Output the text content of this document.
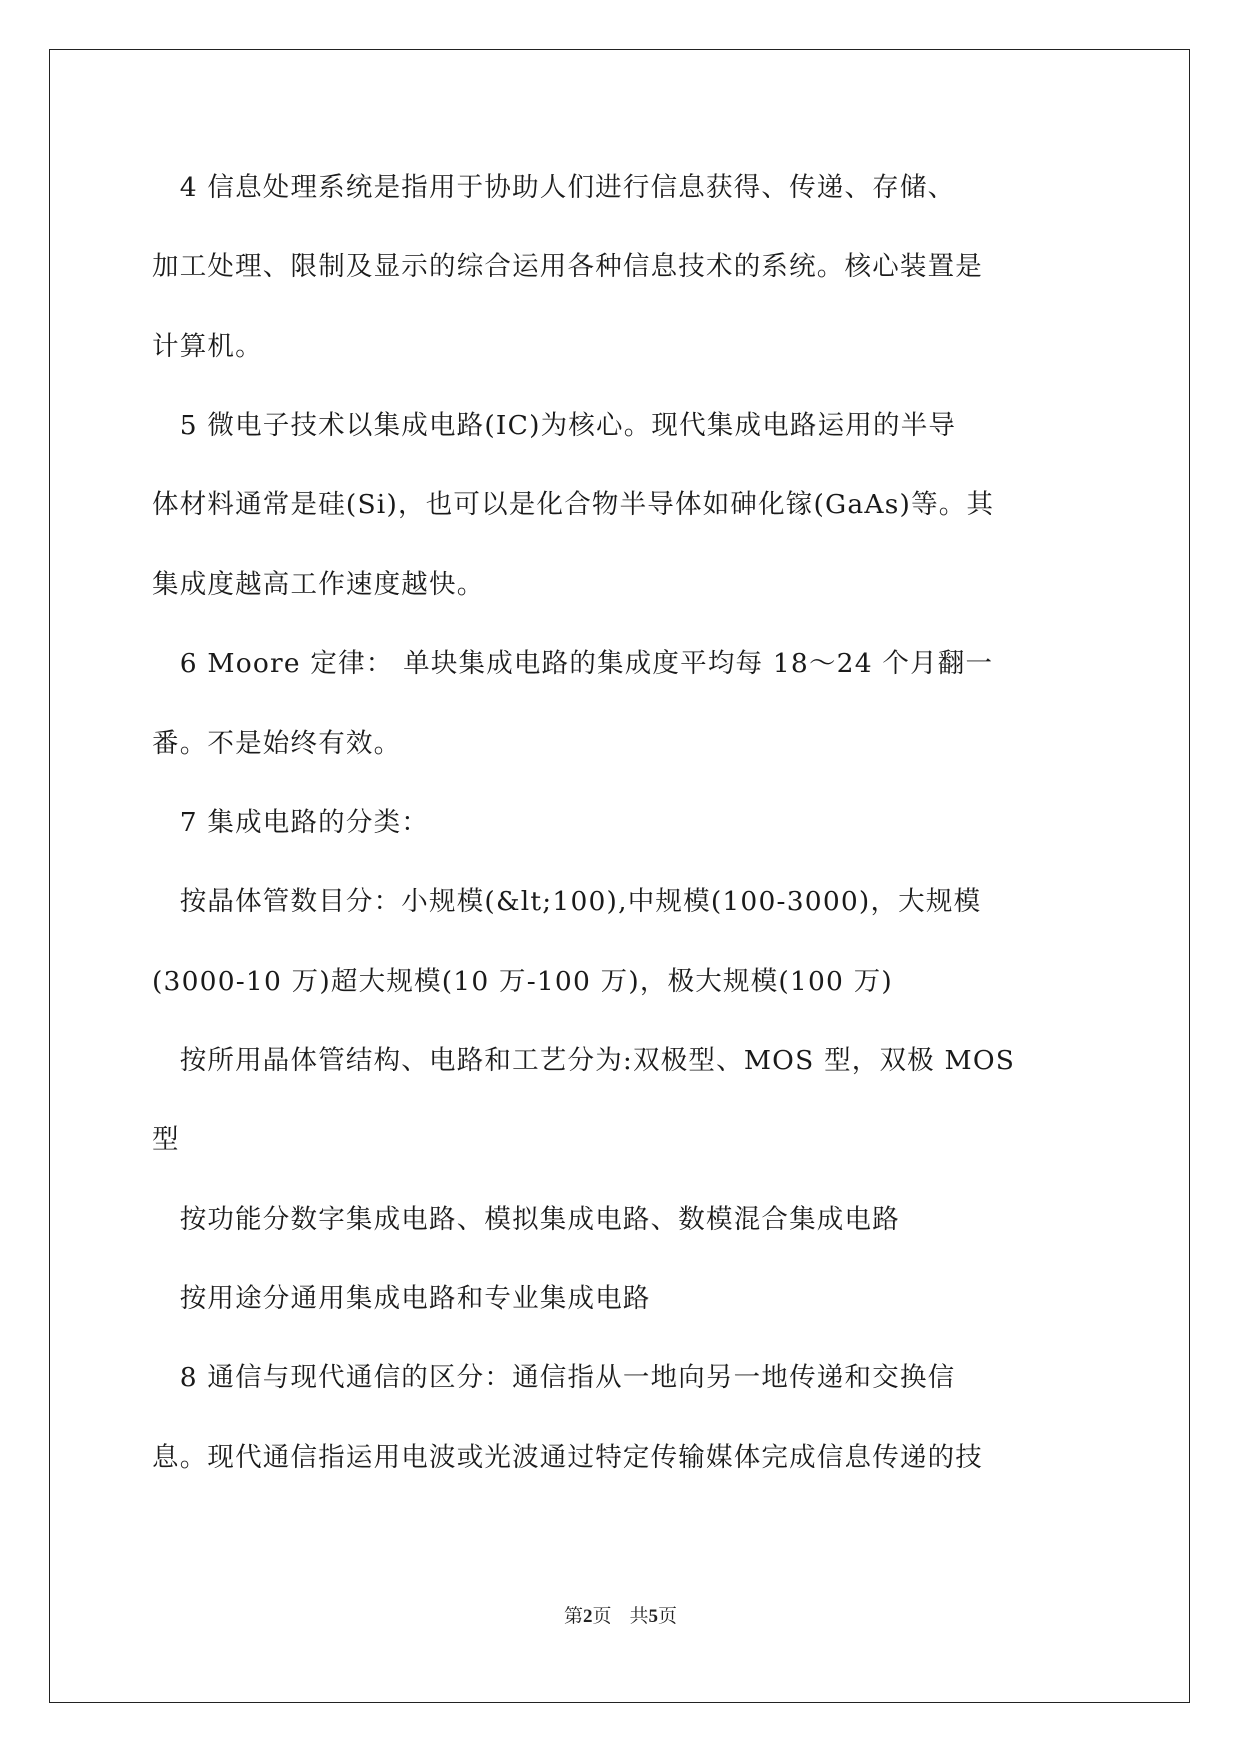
　4 信息处理系统是指用于协助人们进行信息获得、传递、存储、
加工处理、限制及显示的综合运用各种信息技术的系统。核心装置是
计算机。
　5 微电子技术以集成电路(IC)为核心。现代集成电路运用的半导
体材料通常是硅(Si)，也可以是化合物半导体如砷化镓(GaAs)等。其
集成度越高工作速度越快。
　6 Moore 定律： 单块集成电路的集成度平均每 18～24 个月翻一
番。不是始终有效。
　7 集成电路的分类：
　按晶体管数目分：小规模(&lt;100),中规模(100-3000)，大规模
(3000-10 万)超大规模(10 万-100 万)，极大规模(100 万)
　按所用晶体管结构、电路和工艺分为:双极型、MOS 型，双极 MOS
型
　按功能分数字集成电路、模拟集成电路、数模混合集成电路
　按用途分通用集成电路和专业集成电路
　8 通信与现代通信的区分：通信指从一地向另一地传递和交换信
息。现代通信指运用电波或光波通过特定传输媒体完成信息传递的技
第2页 共5页
